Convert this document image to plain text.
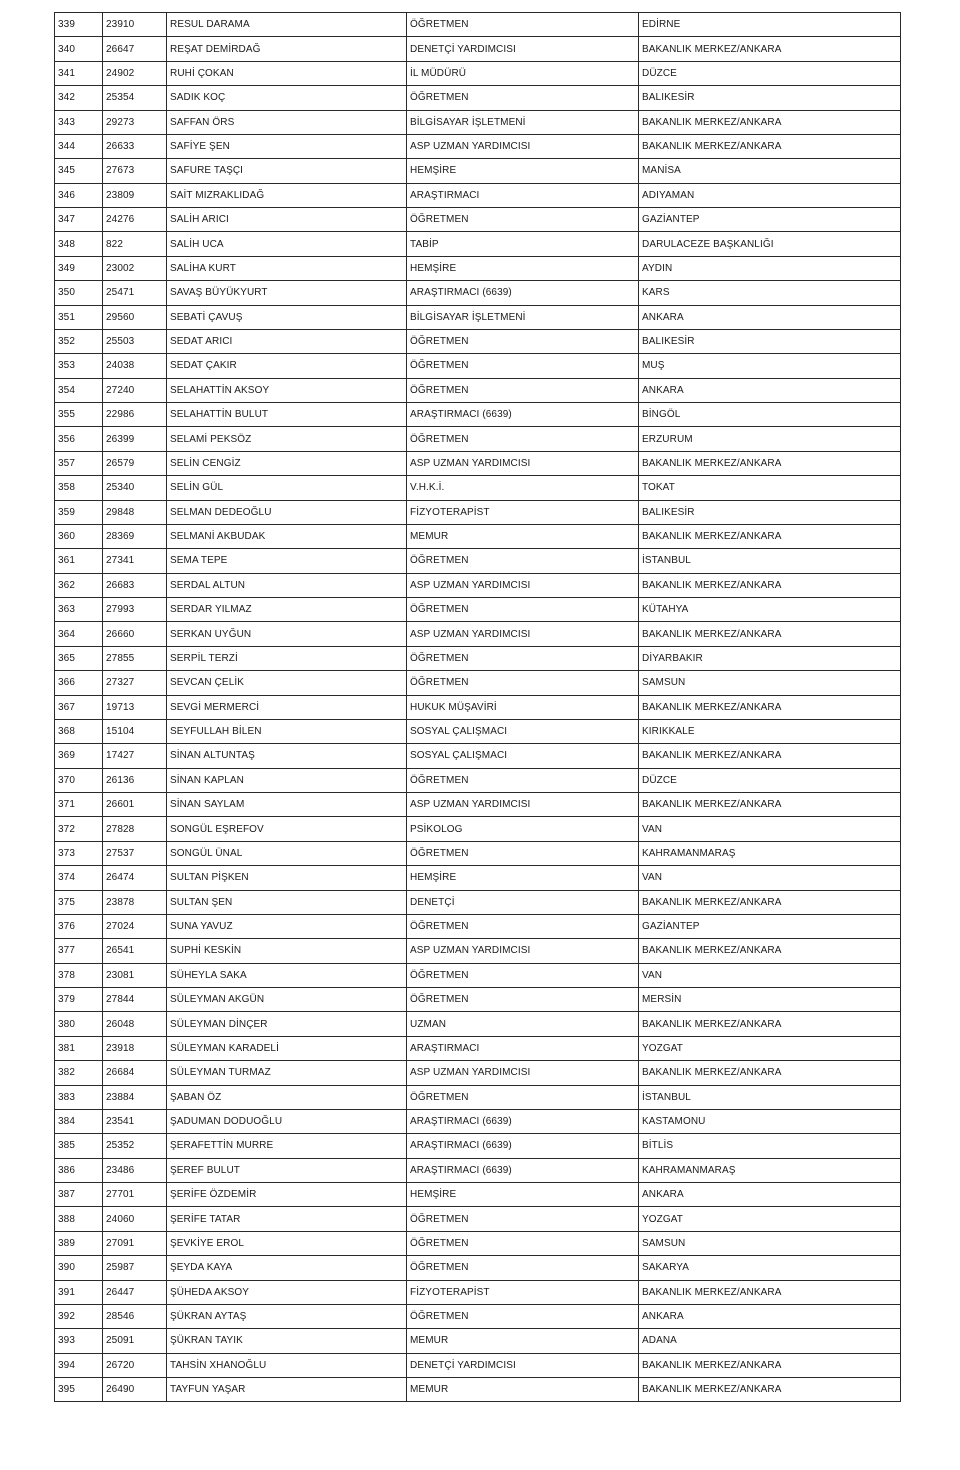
339	23910	RESUL DARAMA	ÖĞRETMEN	EDİRNE
340	26647	REŞAT DEMİRDAĞ	DENETÇİ YARDIMCISI	BAKANLIK MERKEZ/ANKARA
341	24902	RUHİ ÇOKAN	İL MÜDÜRÜ	DÜZCE
342	25354	SADIK KOÇ	ÖĞRETMEN	BALIKESİR
343	29273	SAFFAN ÖRS	BİLGİSAYAR İŞLETMENİ	BAKANLIK MERKEZ/ANKARA
344	26633	SAFİYE ŞEN	ASP UZMAN YARDIMCISI	BAKANLIK MERKEZ/ANKARA
345	27673	SAFURE TAŞÇI	HEMŞİRE	MANİSA
346	23809	SAİT MIZRAKLIDAĞ	ARAŞTIRMACI	ADIYAMAN
347	24276	SALİH ARICI	ÖĞRETMEN	GAZİANTEP
348	822	SALİH UCA	TABİP	DARULACEZE BAŞKANLIĞI
349	23002	SALİHA KURT	HEMŞİRE	AYDIN
350	25471	SAVAŞ BÜYÜKYURT	ARAŞTIRMACI (6639)	KARS
351	29560	SEBATİ ÇAVUŞ	BİLGİSAYAR İŞLETMENİ	ANKARA
352	25503	SEDAT ARICI	ÖĞRETMEN	BALIKESİR
353	24038	SEDAT ÇAKIR	ÖĞRETMEN	MUŞ
354	27240	SELAHATTİN AKSOY	ÖĞRETMEN	ANKARA
355	22986	SELAHATTİN BULUT	ARAŞTIRMACI (6639)	BİNGÖL
356	26399	SELAMİ PEKSÖZ	ÖĞRETMEN	ERZURUM
357	26579	SELİN CENGİZ	ASP UZMAN YARDIMCISI	BAKANLIK MERKEZ/ANKARA
358	25340	SELİN GÜL	V.H.K.İ.	TOKAT
359	29848	SELMAN DEDEOĞLU	FİZYOTERAPİST	BALIKESİR
360	28369	SELMANİ AKBUDAK	MEMUR	BAKANLIK MERKEZ/ANKARA
361	27341	SEMA TEPE	ÖĞRETMEN	İSTANBUL
362	26683	SERDAL ALTUN	ASP UZMAN YARDIMCISI	BAKANLIK MERKEZ/ANKARA
363	27993	SERDAR YILMAZ	ÖĞRETMEN	KÜTAHYA
364	26660	SERKAN UYĞUN	ASP UZMAN YARDIMCISI	BAKANLIK MERKEZ/ANKARA
365	27855	SERPİL TERZİ	ÖĞRETMEN	DİYARBAKIR
366	27327	SEVCAN ÇELİK	ÖĞRETMEN	SAMSUN
367	19713	SEVGİ MERMERCİ	HUKUK MÜŞAVİRİ	BAKANLIK MERKEZ/ANKARA
368	15104	SEYFULLAH BİLEN	SOSYAL ÇALIŞMACI	KIRIKKALE
369	17427	SİNAN ALTUNTAŞ	SOSYAL ÇALIŞMACI	BAKANLIK MERKEZ/ANKARA
370	26136	SİNAN KAPLAN	ÖĞRETMEN	DÜZCE
371	26601	SİNAN SAYLAM	ASP UZMAN YARDIMCISI	BAKANLIK MERKEZ/ANKARA
372	27828	SONGÜL EŞREFOV	PSİKOLOG	VAN
373	27537	SONGÜL ÜNAL	ÖĞRETMEN	KAHRAMANMARAŞ
374	26474	SULTAN PİŞKEN	HEMŞİRE	VAN
375	23878	SULTAN ŞEN	DENETÇİ	BAKANLIK MERKEZ/ANKARA
376	27024	SUNA YAVUZ	ÖĞRETMEN	GAZİANTEP
377	26541	SUPHİ KESKİN	ASP UZMAN YARDIMCISI	BAKANLIK MERKEZ/ANKARA
378	23081	SÜHEYLA SAKA	ÖĞRETMEN	VAN
379	27844	SÜLEYMAN AKGÜN	ÖĞRETMEN	MERSİN
380	26048	SÜLEYMAN DİNÇER	UZMAN	BAKANLIK MERKEZ/ANKARA
381	23918	SÜLEYMAN KARADELİ	ARAŞTIRMACI	YOZGAT
382	26684	SÜLEYMAN TURMAZ	ASP UZMAN YARDIMCISI	BAKANLIK MERKEZ/ANKARA
383	23884	ŞABAN ÖZ	ÖĞRETMEN	İSTANBUL
384	23541	ŞADUMAN DODUOĞLU	ARAŞTIRMACI (6639)	KASTAMONU
385	25352	ŞERAFETTİN MURRE	ARAŞTIRMACI (6639)	BİTLİS
386	23486	ŞEREF BULUT	ARAŞTIRMACI (6639)	KAHRAMANMARAŞ
387	27701	ŞERİFE ÖZDEMİR	HEMŞİRE	ANKARA
388	24060	ŞERİFE TATAR	ÖĞRETMEN	YOZGAT
389	27091	ŞEVKİYE EROL	ÖĞRETMEN	SAMSUN
390	25987	ŞEYDA KAYA	ÖĞRETMEN	SAKARYA
391	26447	ŞÜHEDA AKSOY	FİZYOTERAPİST	BAKANLIK MERKEZ/ANKARA
392	28546	ŞÜKRAN AYTAŞ	ÖĞRETMEN	ANKARA
393	25091	ŞÜKRAN TAYIK	MEMUR	ADANA
394	26720	TAHSİN XHANOĞLU	DENETÇİ YARDIMCISI	BAKANLIK MERKEZ/ANKARA
395	26490	TAYFUN YAŞAR	MEMUR	BAKANLIK MERKEZ/ANKARA
